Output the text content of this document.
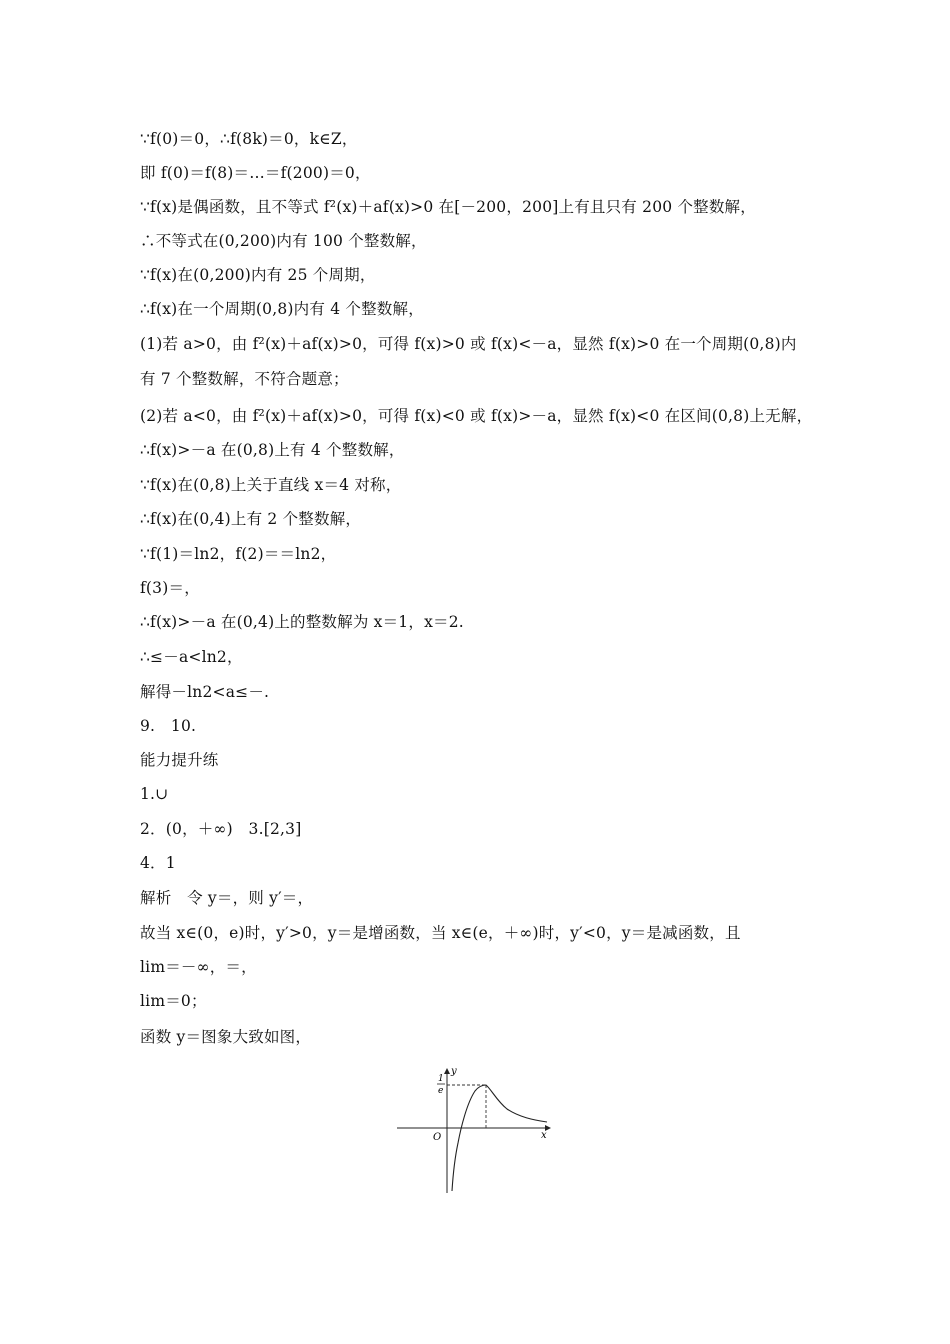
∵f(0)＝0，∴f(8k)＝0，k∈Z，
即 f(0)＝f(8)＝…＝f(200)＝0，
∵f(x)是偶函数，且不等式 f²(x)＋af(x)>0 在[－200，200]上有且只有 200 个整数解，
∴不等式在(0,200)内有 100 个整数解，
∵f(x)在(0,200)内有 25 个周期，
∴f(x)在一个周期(0,8)内有 4 个整数解，
(1)若 a>0，由 f²(x)＋af(x)>0，可得 f(x)>0 或 f(x)<－a，显然 f(x)>0 在一个周期(0,8)内
有 7 个整数解，不符合题意；
(2)若 a<0，由 f²(x)＋af(x)>0，可得 f(x)<0 或 f(x)>－a，显然 f(x)<0 在区间(0,8)上无解，
∴f(x)>－a 在(0,8)上有 4 个整数解，
∵f(x)在(0,8)上关于直线 x＝4 对称，
∴f(x)在(0,4)上有 2 个整数解，
∵f(1)＝ln2，f(2)＝＝ln2，
f(3)＝，
∴f(x)>－a 在(0,4)上的整数解为 x＝1，x＝2.
∴≤－a<ln2，
解得－ln2<a≤－.
9.　10.
能力提升练
1.∪
2．(0，＋∞)　3.[2,3]
4．1
解析　令 y＝，则 y′＝，
故当 x∈(0，e)时，y′>0，y＝是增函数，当 x∈(e，＋∞)时，y′<0，y＝是减函数，且
lim＝－∞，＝，
lim＝0；
函数 y＝图象大致如图，
y
x
O
1
e
